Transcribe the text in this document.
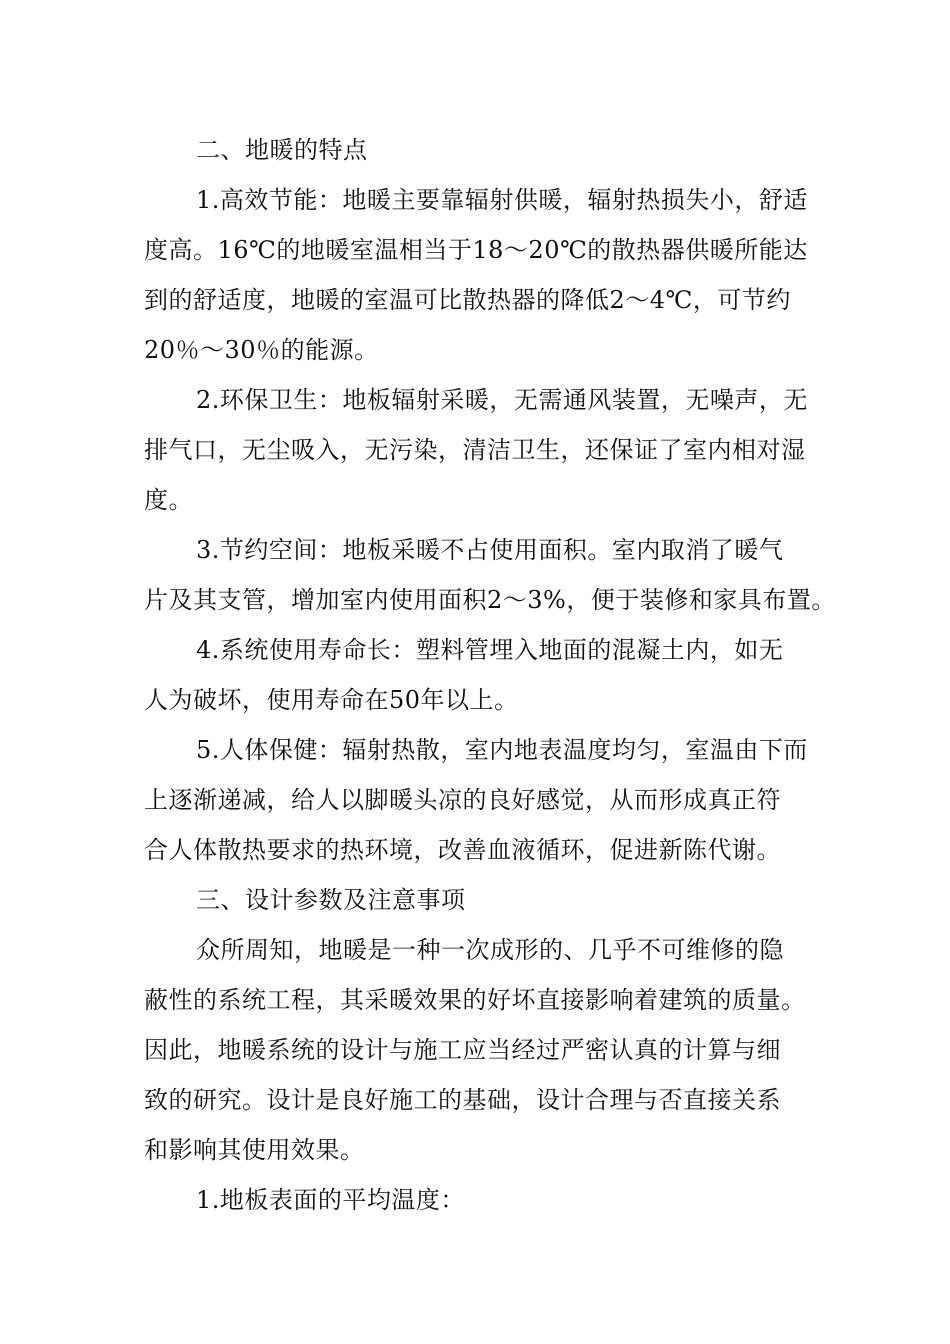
二、地暖的特点
1.高效节能：地暖主要靠辐射供暖，辐射热损失小，舒适
度高。16℃的地暖室温相当于18～20℃的散热器供暖所能达
到的舒适度，地暖的室温可比散热器的降低2～4℃，可节约
20％～30％的能源。
2.环保卫生：地板辐射采暖，无需通风装置，无噪声，无
排气口，无尘吸入，无污染，清洁卫生，还保证了室内相对湿
度。
3.节约空间：地板采暖不占使用面积。室内取消了暖气
片及其支管，增加室内使用面积2～3%，便于装修和家具布置。
4.系统使用寿命长：塑料管埋入地面的混凝土内，如无
人为破坏，使用寿命在50年以上。
5.人体保健：辐射热散，室内地表温度均匀，室温由下而
上逐渐递减，给人以脚暖头凉的良好感觉，从而形成真正符
合人体散热要求的热环境，改善血液循环，促进新陈代谢。
三、设计参数及注意事项
众所周知，地暖是一种一次成形的、几乎不可维修的隐
蔽性的系统工程，其采暖效果的好坏直接影响着建筑的质量。
因此，地暖系统的设计与施工应当经过严密认真的计算与细
致的研究。设计是良好施工的基础，设计合理与否直接关系
和影响其使用效果。
1.地板表面的平均温度：
